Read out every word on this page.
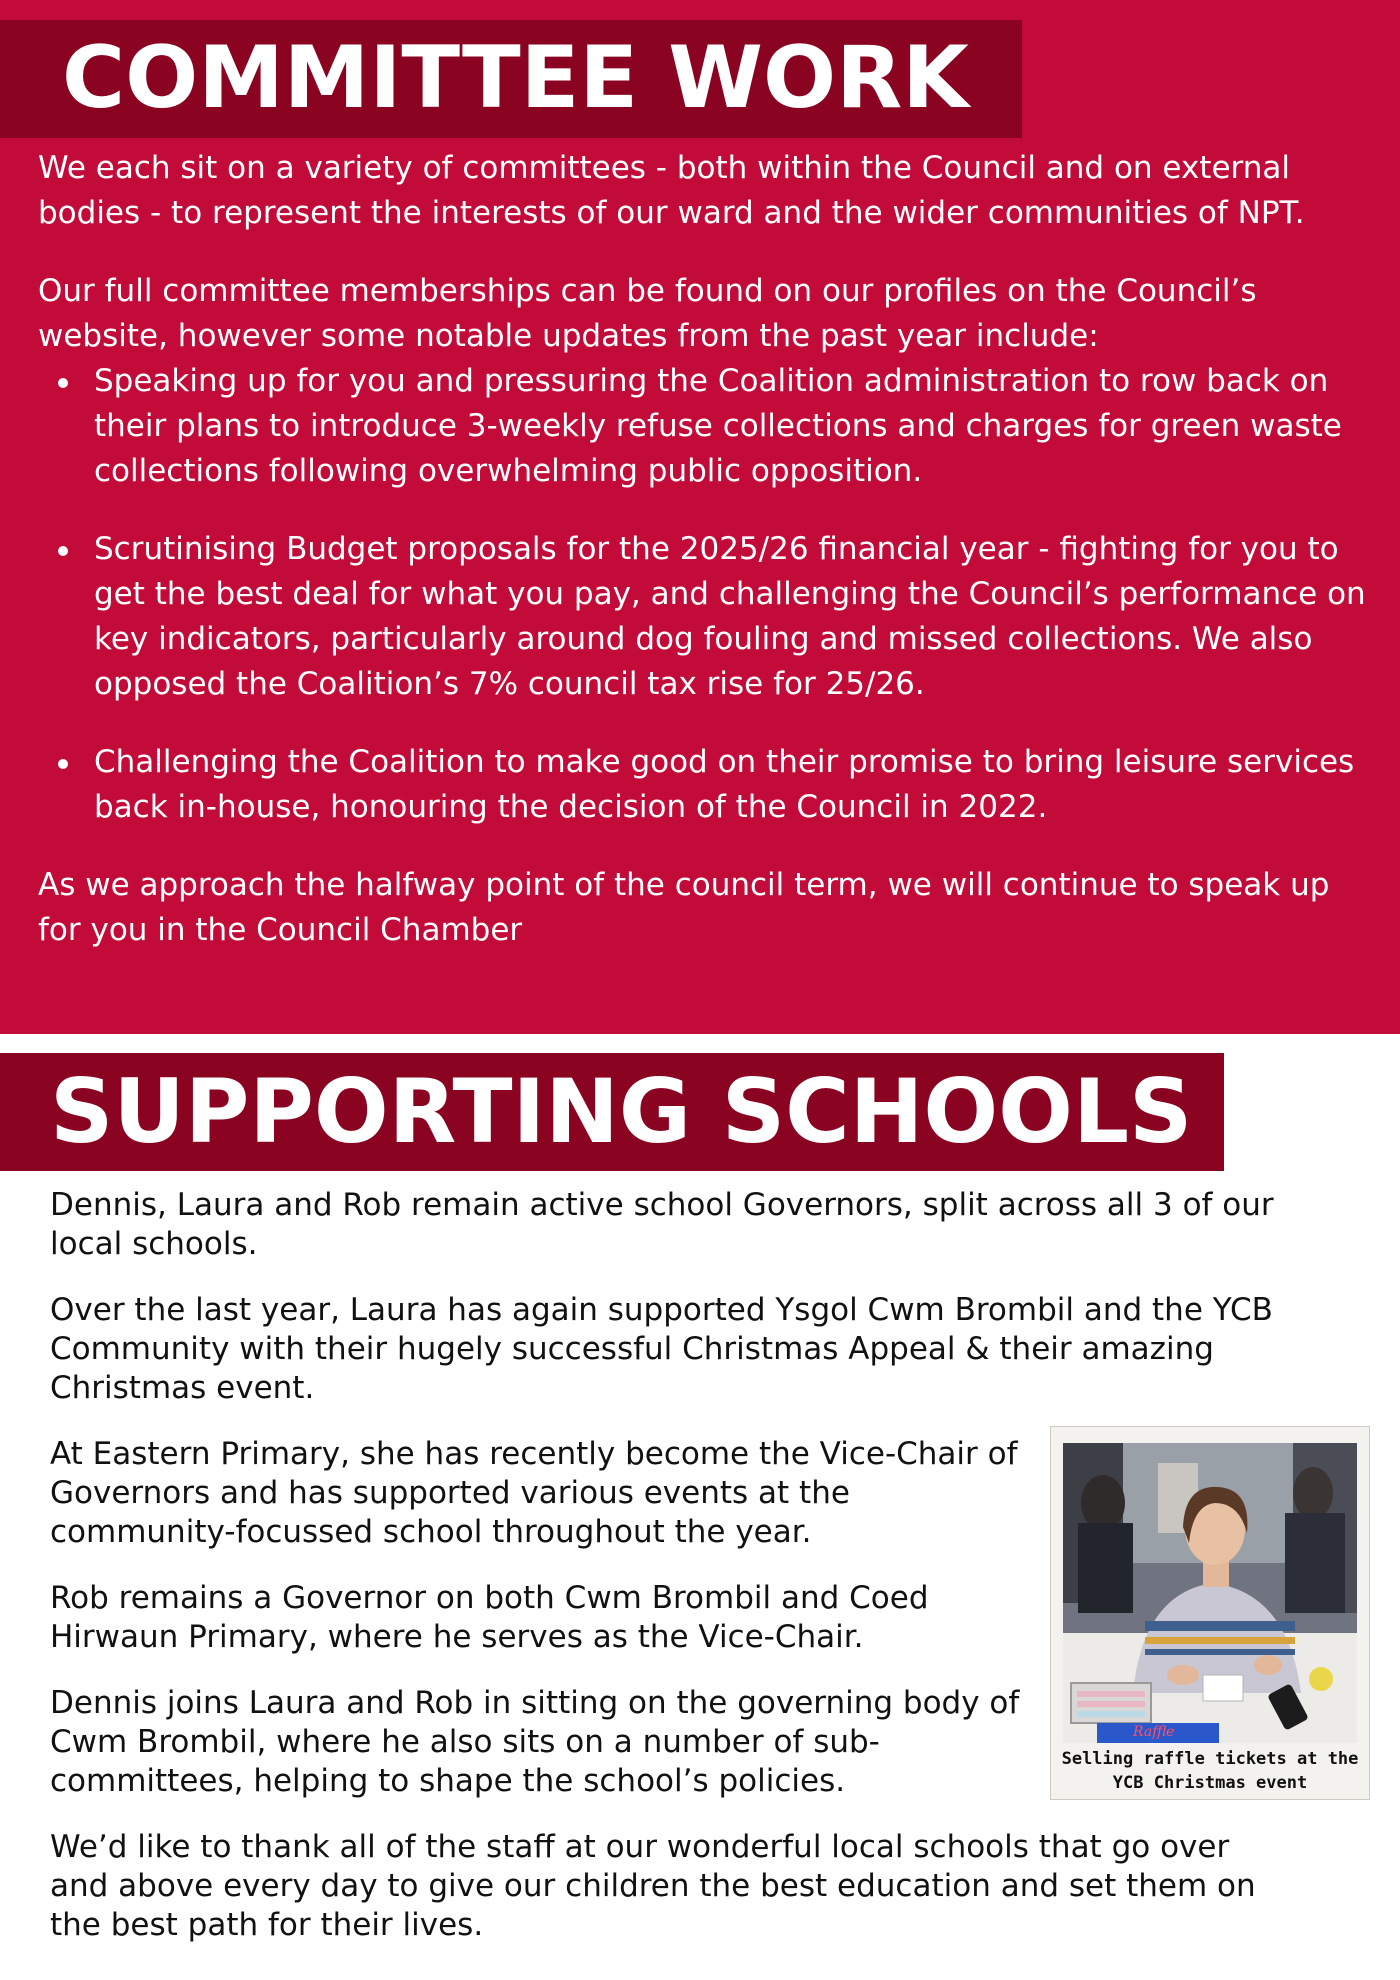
COMMITTEE WORK

We each sit on a variety of committees - both within the Council and on external bodies - to represent the interests of our ward and the wider communities of NPT.

Our full committee memberships can be found on our profiles on the Council’s website, however some notable updates from the past year include:

Speaking up for you and pressuring the Coalition administration to row back on their plans to introduce 3-weekly refuse collections and charges for green waste collections following overwhelming public opposition.
Scrutinising Budget proposals for the 2025/26 financial year - fighting for you to get the best deal for what you pay, and challenging the Council’s performance on key indicators, particularly around dog fouling and missed collections. We also opposed the Coalition’s 7% council tax rise for 25/26.
Challenging the Coalition to make good on their promise to bring leisure services back in-house, honouring the decision of the Council in 2022.

As we approach the halfway point of the council term, we will continue to speak up for you in the Council Chamber

SUPPORTING SCHOOLS

Dennis, Laura and Rob remain active school Governors, split across all 3 of our local schools.

Over the last year, Laura has again supported Ysgol Cwm Brombil and the YCB Community with their hugely successful Christmas Appeal & their amazing Christmas event.

At Eastern Primary, she has recently become the Vice-Chair of Governors and has supported various events at the community-focussed school throughout the year.

Rob remains a Governor on both Cwm Brombil and Coed Hirwaun Primary, where he serves as the Vice-Chair.

Dennis joins Laura and Rob in sitting on the governing body of Cwm Brombil, where he also sits on a number of sub-committees, helping to shape the school’s policies.

We’d like to thank all of the staff at our wonderful local schools that go over and above every day to give our children the best education and set them on the best path for their lives.

Raffle
Selling raffle tickets at the YCB Christmas event
